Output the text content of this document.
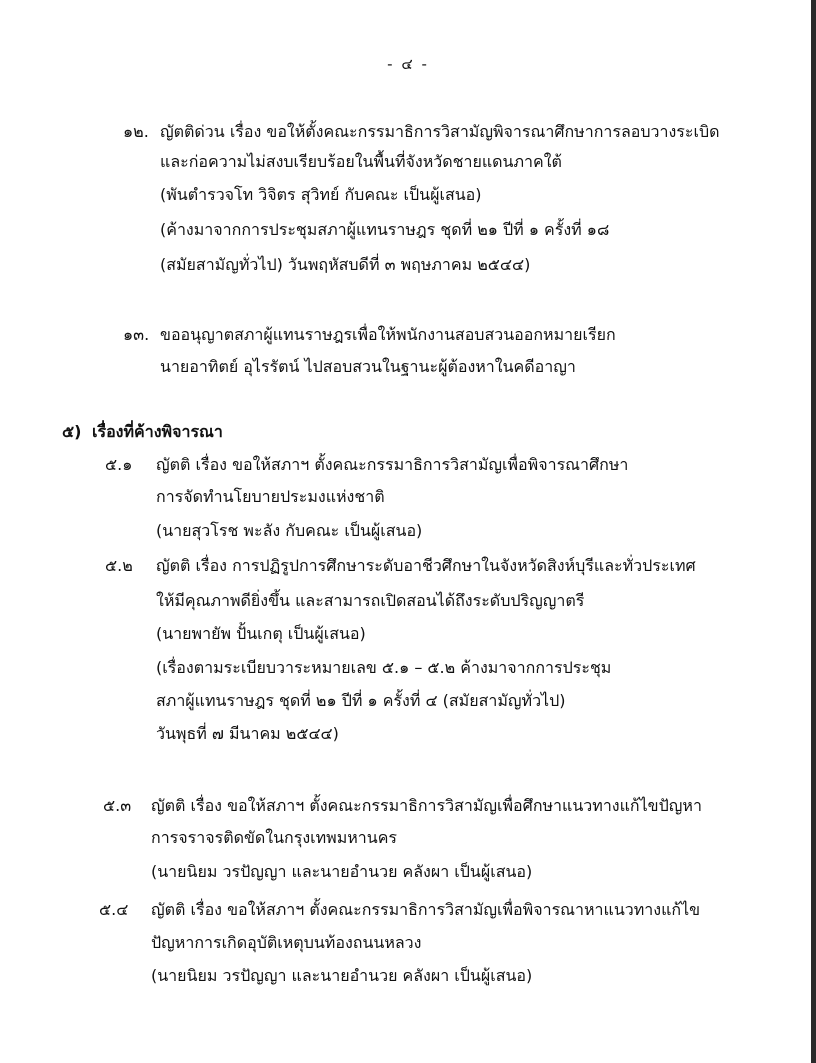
- ๔ -
๑๒. ญัตติด่วน เรื่อง ขอให้ตั้งคณะกรรมาธิการวิสามัญพิจารณาศึกษาการลอบวางระเบิด
และก่อความไม่สงบเรียบร้อยในพื้นที่จังหวัดชายแดนภาคใต้
(พันตำรวจโท วิจิตร สุวิทย์ กับคณะ เป็นผู้เสนอ)
(ค้างมาจากการประชุมสภาผู้แทนราษฎร ชุดที่ ๒๑ ปีที่ ๑ ครั้งที่ ๑๘
(สมัยสามัญทั่วไป) วันพฤหัสบดีที่ ๓ พฤษภาคม ๒๕๔๔)
๑๓. ขออนุญาตสภาผู้แทนราษฎรเพื่อให้พนักงานสอบสวนออกหมายเรียก
นายอาทิตย์ อุไรรัตน์ ไปสอบสวนในฐานะผู้ต้องหาในคดีอาญา
๕) เรื่องที่ค้างพิจารณา
๕.๑ ญัตติ เรื่อง ขอให้สภาฯ ตั้งคณะกรรมาธิการวิสามัญเพื่อพิจารณาศึกษา
การจัดทำนโยบายประมงแห่งชาติ
(นายสุวโรช พะลัง กับคณะ เป็นผู้เสนอ)
๕.๒ ญัตติ เรื่อง การปฏิรูปการศึกษาระดับอาชีวศึกษาในจังหวัดสิงห์บุรีและทั่วประเทศ
ให้มีคุณภาพดียิ่งขึ้น และสามารถเปิดสอนได้ถึงระดับปริญญาตรี
(นายพายัพ ปั้นเกตุ เป็นผู้เสนอ)
(เรื่องตามระเบียบวาระหมายเลข ๕.๑ – ๕.๒ ค้างมาจากการประชุม
สภาผู้แทนราษฎร ชุดที่ ๒๑ ปีที่ ๑ ครั้งที่ ๔ (สมัยสามัญทั่วไป)
วันพุธที่ ๗ มีนาคม ๒๕๔๔)
๕.๓ ญัตติ เรื่อง ขอให้สภาฯ ตั้งคณะกรรมาธิการวิสามัญเพื่อศึกษาแนวทางแก้ไขปัญหา
การจราจรติดขัดในกรุงเทพมหานคร
(นายนิยม วรปัญญา และนายอำนวย คลังผา เป็นผู้เสนอ)
๕.๔ ญัตติ เรื่อง ขอให้สภาฯ ตั้งคณะกรรมาธิการวิสามัญเพื่อพิจารณาหาแนวทางแก้ไข
ปัญหาการเกิดอุบัติเหตุบนท้องถนนหลวง
(นายนิยม วรปัญญา และนายอำนวย คลังผา เป็นผู้เสนอ)
